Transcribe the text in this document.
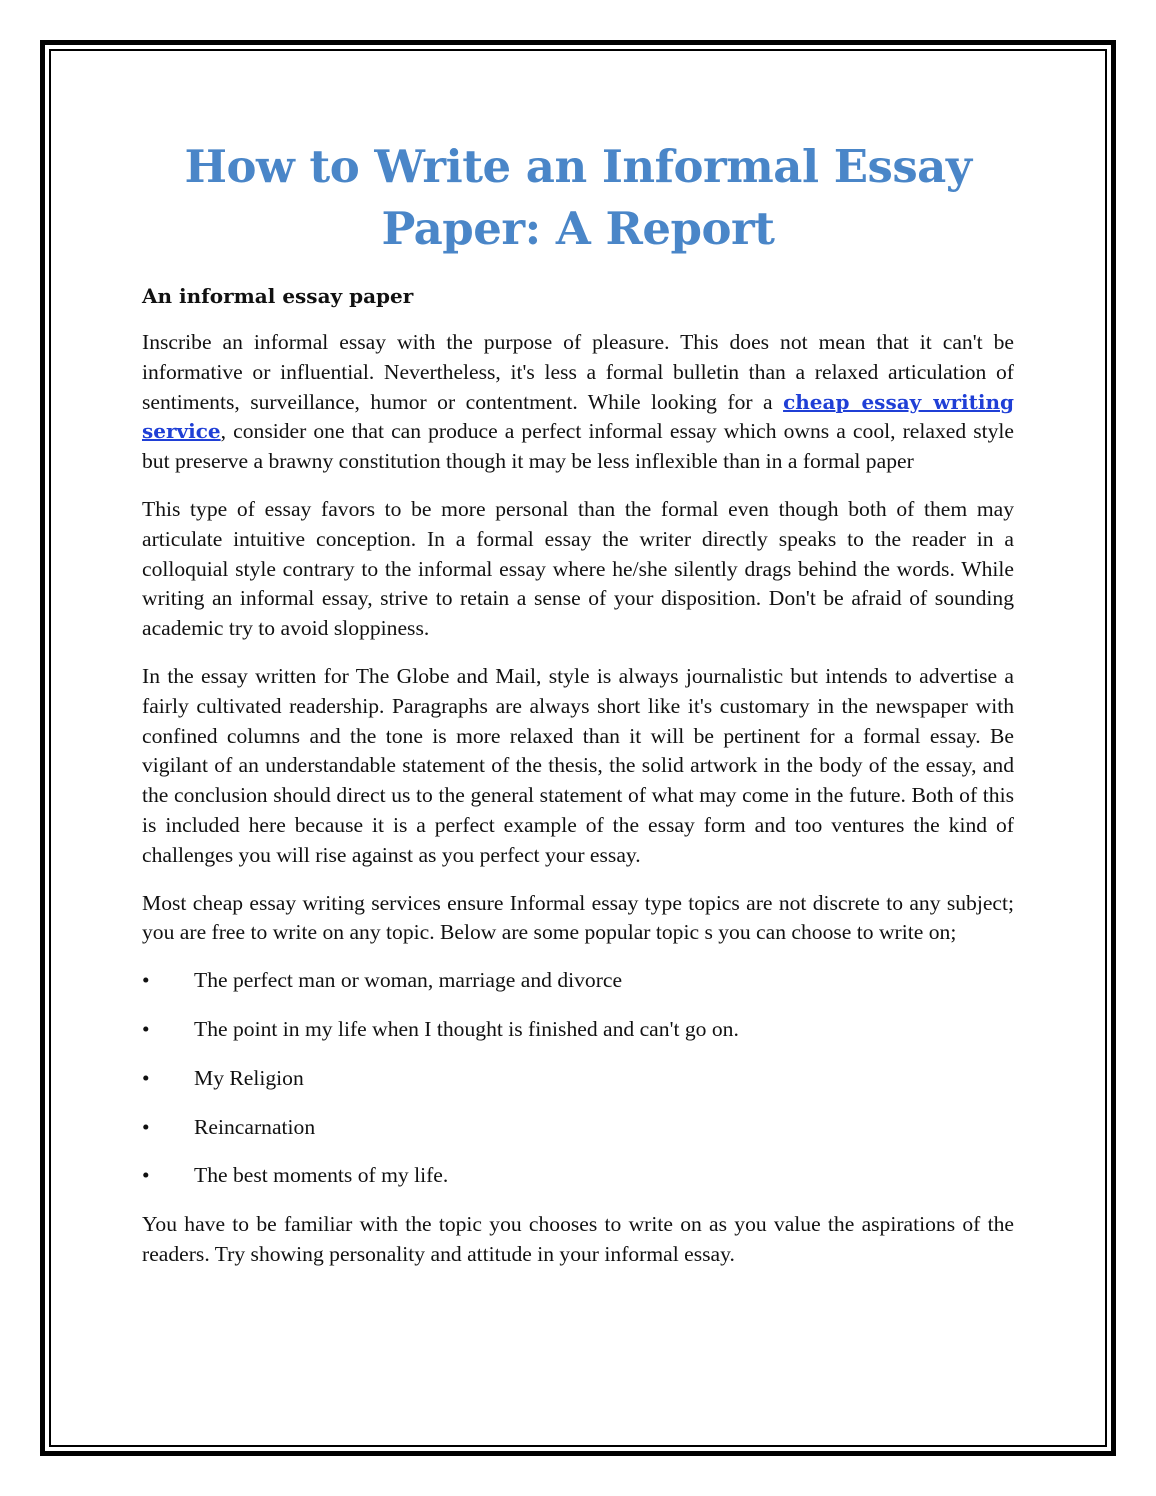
How to Write an Informal Essay Paper: A Report
An informal essay paper

Inscribe an informal essay with the purpose of pleasure. This does not mean that it can't be informative or influential. Nevertheless, it's less a formal bulletin than a relaxed articulation of sentiments, surveillance, humor or contentment. While looking for a cheap essay writing service, consider one that can produce a perfect informal essay which owns a cool, relaxed style but preserve a brawny constitution though it may be less inflexible than in a formal paper

This type of essay favors to be more personal than the formal even though both of them may articulate intuitive conception. In a formal essay the writer directly speaks to the reader in a colloquial style contrary to the informal essay where he/she silently drags behind the words. While writing an informal essay, strive to retain a sense of your disposition. Don't be afraid of sounding academic try to avoid sloppiness.

In the essay written for The Globe and Mail, style is always journalistic but intends to advertise a fairly cultivated readership. Paragraphs are always short like it's customary in the newspaper with confined columns and the tone is more relaxed than it will be pertinent for a formal essay. Be vigilant of an understandable statement of the thesis, the solid artwork in the body of the essay, and the conclusion should direct us to the general statement of what may come in the future. Both of this is included here because it is a perfect example of the essay form and too ventures the kind of challenges you will rise against as you perfect your essay.

Most cheap essay writing services ensure Informal essay type topics are not discrete to any subject; you are free to write on any topic. Below are some popular topic s you can choose to write on;

•	The perfect man or woman, marriage and divorce
•	The point in my life when I thought is finished and can't go on.
•	My Religion
•	Reincarnation
•	The best moments of my life.

You have to be familiar with the topic you chooses to write on as you value the aspirations of the readers. Try showing personality and attitude in your informal essay.
